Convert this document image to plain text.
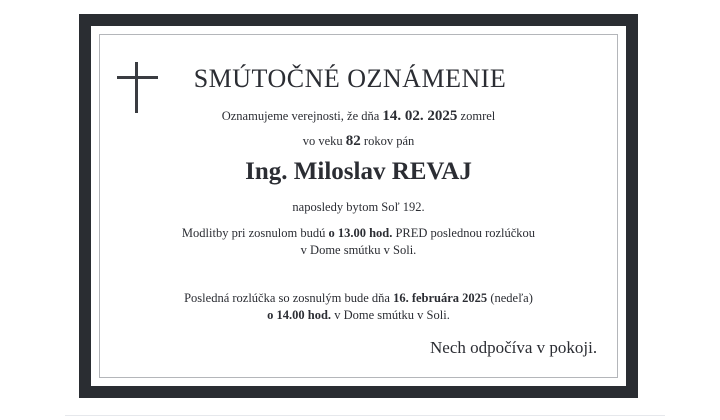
SMÚTOČNÉ OZNÁMENIE
Oznamujeme verejnosti, že dňa 14. 02. 2025 zomrel
vo veku 82 rokov pán
Ing. Miloslav REVAJ
naposledy bytom Soľ 192.
Modlitby pri zosnulom budú o 13.00 hod. PRED poslednou rozlúčkou
v Dome smútku v Soli.
Posledná rozlúčka so zosnulým bude dňa 16. februára 2025 (nedeľa)
o 14.00 hod. v Dome smútku v Soli.
Nech odpočíva v pokoji.
